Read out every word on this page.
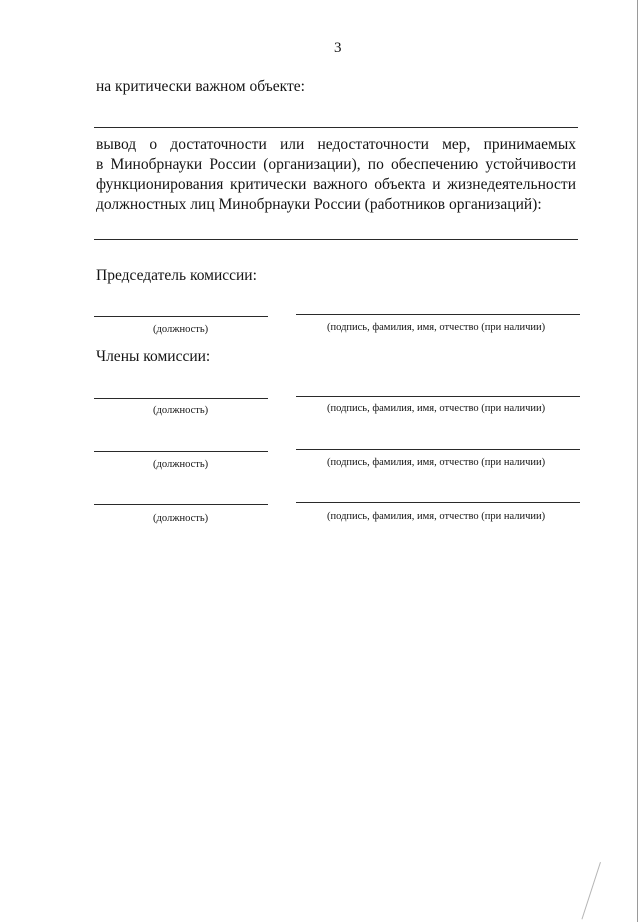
3
на критически важном объекте:
вывод о достаточности или недостаточности мер, принимаемых
в Минобрнауки России (организации), по обеспечению устойчивости
функционирования критически важного объекта и жизнедеятельности
должностных лиц Минобрнауки России (работников организаций):
Председатель комиссии:
(должность)	(подпись, фамилия, имя, отчество (при наличии)
Члены комиссии:
(должность)	(подпись, фамилия, имя, отчество (при наличии)
(должность)	(подпись, фамилия, имя, отчество (при наличии)
(должность)	(подпись, фамилия, имя, отчество (при наличии)
